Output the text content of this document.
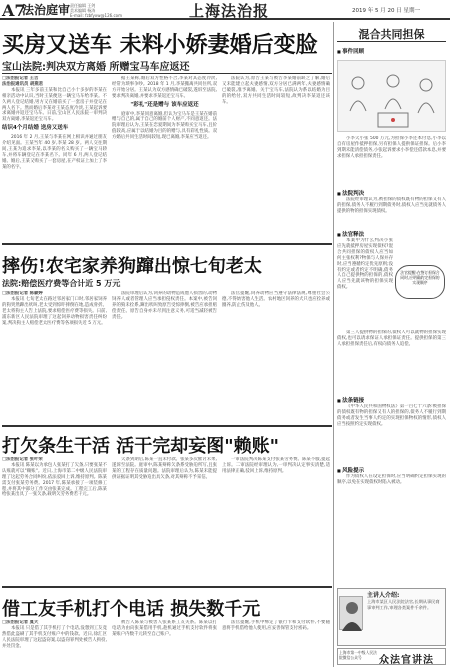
A7
法治庭审 责任编辑 王剑
美术编辑 杨涛
E-mail: fzbfyxw@126.com	上海法治报	2019 年 5 月 20 日 星期一
买房又送车 未料小娇妻婚后变脸
宝山法院:判决双方离婚 所赠宝马车应返还

□法治报记者 王吉
法治报通讯员 胡燕君

本报讯 三年多前王某和比自己小十多岁的李某在相亲活动中认识,当时王某便送一辆宝马车给李某。不久两人登记结婚,男方又在婚前买了一套房子并登记在两人名下。然而婚后李某对王某态度冷淡,王某起诉要求离婚并返还宝马车。日前,宝山区人民法院一审判决双方离婚,李某返还宝马车。

结识4个月结婚 送房又送车

2016 年 2 月,王某与李某在网上相识并通过朋友介绍见面。王某当年 40 岁,李某 28 岁。两人交往期间,王某为追求李某,以李某的名义购买了一辆宝马轿车,并将车辆登记在李某名下。同年 6 月,两人登记结婚。婚后,王某又购买了一套房屋,在产权证上加上了李某的名字。

据王某称,婚后双方性格不合,李某对其态度冷淡,经常为琐事争吵。2018 年 1 月,李某搬离共同住所,双方开始分居。王某认为双方感情确已破裂,遂诉至法院,要求判决离婚,并要求李某返还宝马车。

"彩礼"还是赠与 该车应返还

庭审中,李某同意离婚,但认为宝马车是王某在婚前赠与自己的,属于自己的婚前个人财产,不同意返还。法院审理后认为,王某在恋爱期间为李某购买宝马车,且价值较高,应属于以结婚为目的的赠与,具有彩礼性质。双方婚后共同生活时间较短,现已离婚,李某应当返还。

法院认为,原告王某与被告李某婚前缺乏了解,婚后又未能建立起夫妻感情,双方分居已满两年,夫妻感情确已破裂,准予离婚。关于宝马车,法院认为系以结婚为目的的给付,双方共同生活时间较短,故判决李某返还该车。

摔伤!农宅家养狗蹿出惊七旬老太
法院:赔偿医疗费等合计近 5 万元

□法治报记者 陈颖婷

本报讯 七旬老太在路过邻居家门口时,邻居家饲养的狗突然蹿出吠叫,老太受到惊吓摔倒在地,造成骨折。老太将狗主人告上法院,要求赔偿医疗费等损失。日前,浦东新区人民法院审理了这起饲养动物损害责任纠纷案,判决狗主人赔偿老太医疗费等各项损失近 5 万元。

法院审理后认为,饲养的动物造成他人损害的,动物饲养人或者管理人应当承担侵权责任。本案中,被告饲养的狗未拴系,蹿出吠叫致原告受惊摔倒,被告应承担赔偿责任。原告自身亦未尽到注意义务,可适当减轻被告责任。

法官提醒,饲养动物应当遵守法律法规,尊重社会公德,不得妨害他人生活。农村地区饲养的犬只也应拴养或圈养,防止伤及他人。

打欠条生干活 活干完却妄图"赖账"

□法治报记者 张叶荣

本报讯 陈某以为承包人张某打了欠条,只要张某不认账就可以"赖账"。近日,上海市第二中级人民法院审理了这起劳务合同纠纷,依法驳回上诉,维持原判。陈某需支付张某劳务费。2017 年,陈某承接了一项装修工程,并将其中部分工作交由张某完成。工程完工后,陈某给张某出具了一张欠条,载明欠劳务费若干元。

欠条到期后,陈某一直未付款。张某多次催讨未果,遂诉至法院。庭审中,陈某辩称欠条系受胁迫所写,且张某的工程存在质量问题。法院审理后认为,陈某未能提供证据证明其受胁迫出具欠条,对其辩称不予采信。

一审法院判决陈某支付张某劳务费。陈某不服,提起上诉。二审法院经审理认为,一审判决认定事实清楚,适用法律正确,驳回上诉,维持原判。

借工友手机打个电话 损失数千元

□法治报记者 夏天

本报讯 只是借了其手机打了个电话,没想到工友竟然借此盗刷了其手机支付账户中的钱款。近日,徐汇区人民法院审理了这起盗窃案,以盗窃罪判处被告人拘役,并处罚金。

被告人陈某与被害人张某系工友关系。陈某以打电话为由向张某借用手机,趁机通过手机支付软件将张某账户内数千元转至自己账户。

法官提醒,手机中绑定了银行卡和支付软件,不要随意将手机借给他人使用,应妥善保管支付密码。

混合共同担保
■ 事件回顾

小李欠小张 500 万元,为担保小李还本付息,小李以自有房屋作抵押担保,另有担保人提供保证担保。后小李到期未能清偿债务,小张起诉要求小李偿还借款本息,并要求担保人承担担保责任。

■ 法院判决

法院经审理认为,被担保的债权既有物的担保又有人的担保,债务人不履行到期债务时,债权人应当先就债务人提供的物的担保实现债权。

■ 法官释法

本案中为什么判决小张应先就抵押房屋实现债权?混合共同担保的债权人应当如何主张权利?物保与人保并存时,应当遵循约定优先原则;没有约定或者约定不明确,债务人自己提供物的担保的,债权人应当先就该物的担保实现债权。

法官提醒:在签订担保合同时,应明确约定担保的实现顺序

第三人提供物的担保的,债权人可以就物的担保实现债权,也可以请求保证人承担保证责任。提供担保的第三人承担担保责任后,有权向债务人追偿。

■ 法条链接

《中华人民共和国物权法》第一百七十六条:被担保的债权既有物的担保又有人的担保的,债务人不履行到期债务或者发生当事人约定的实现担保物权的情形,债权人应当按照约定实现债权。

■ 风险提示

作为债权人在设定担保时,应当明确约定担保实现的顺序,以免在实现债权时陷入被动。

主讲人介绍:
上海市某区人民法院法官,长期从事民商事审判工作,审理各类案件千余件。
上海市第一中级人民法院微信公众号	众法官讲法
